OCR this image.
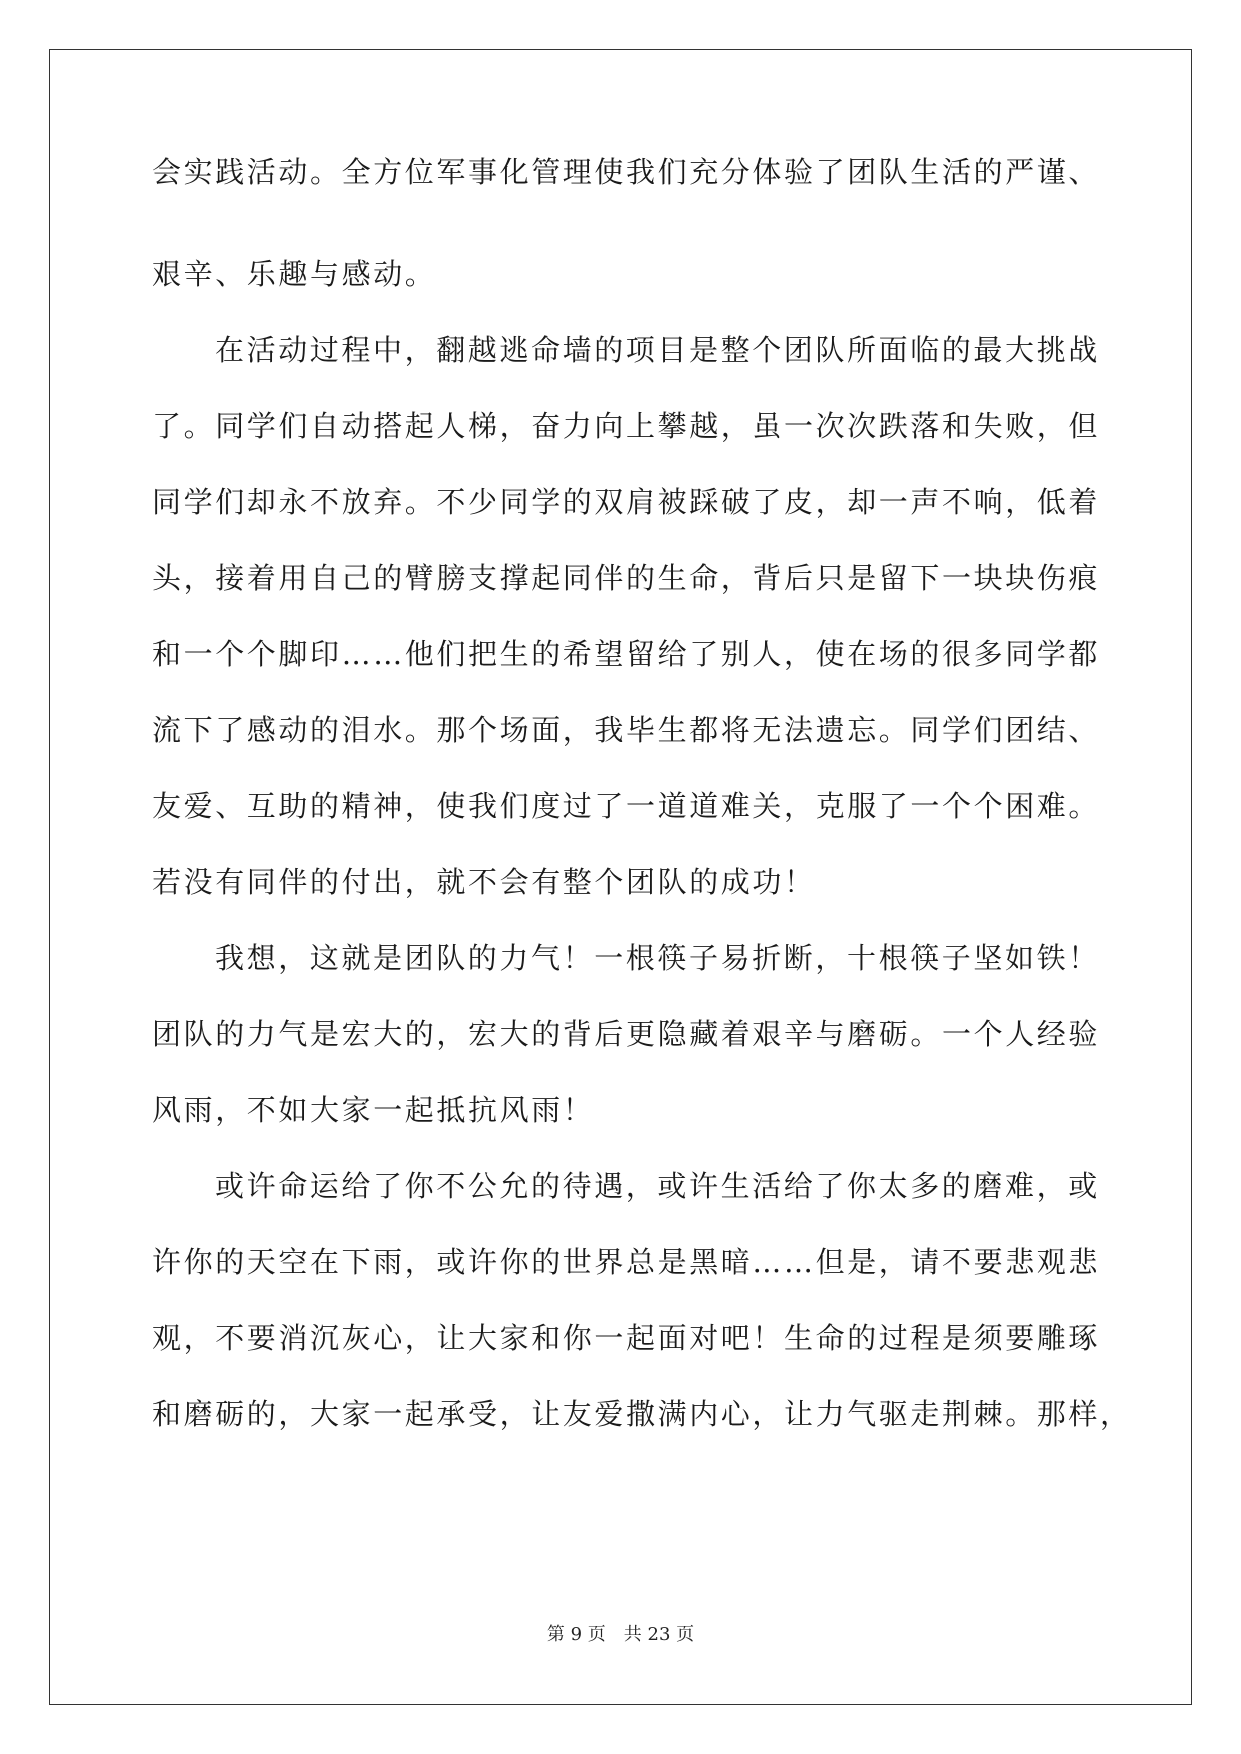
会实践活动。全方位军事化管理使我们充分体验了团队生活的严谨、
艰辛、乐趣与感动。
在活动过程中，翻越逃命墙的项目是整个团队所面临的最大挑战
了。同学们自动搭起人梯，奋力向上攀越，虽一次次跌落和失败，但
同学们却永不放弃。不少同学的双肩被踩破了皮，却一声不响，低着
头，接着用自己的臂膀支撑起同伴的生命，背后只是留下一块块伤痕
和一个个脚印……他们把生的希望留给了别人，使在场的很多同学都
流下了感动的泪水。那个场面，我毕生都将无法遗忘。同学们团结、
友爱、互助的精神，使我们度过了一道道难关，克服了一个个困难。
若没有同伴的付出，就不会有整个团队的成功！
我想，这就是团队的力气！一根筷子易折断，十根筷子坚如铁！
团队的力气是宏大的，宏大的背后更隐藏着艰辛与磨砺。一个人经验
风雨，不如大家一起抵抗风雨！
或许命运给了你不公允的待遇，或许生活给了你太多的磨难，或
许你的天空在下雨，或许你的世界总是黑暗……但是，请不要悲观悲
观，不要消沉灰心，让大家和你一起面对吧！生命的过程是须要雕琢
和磨砺的，大家一起承受，让友爱撒满内心，让力气驱走荆棘。那样，
第 9 页 共 23 页
